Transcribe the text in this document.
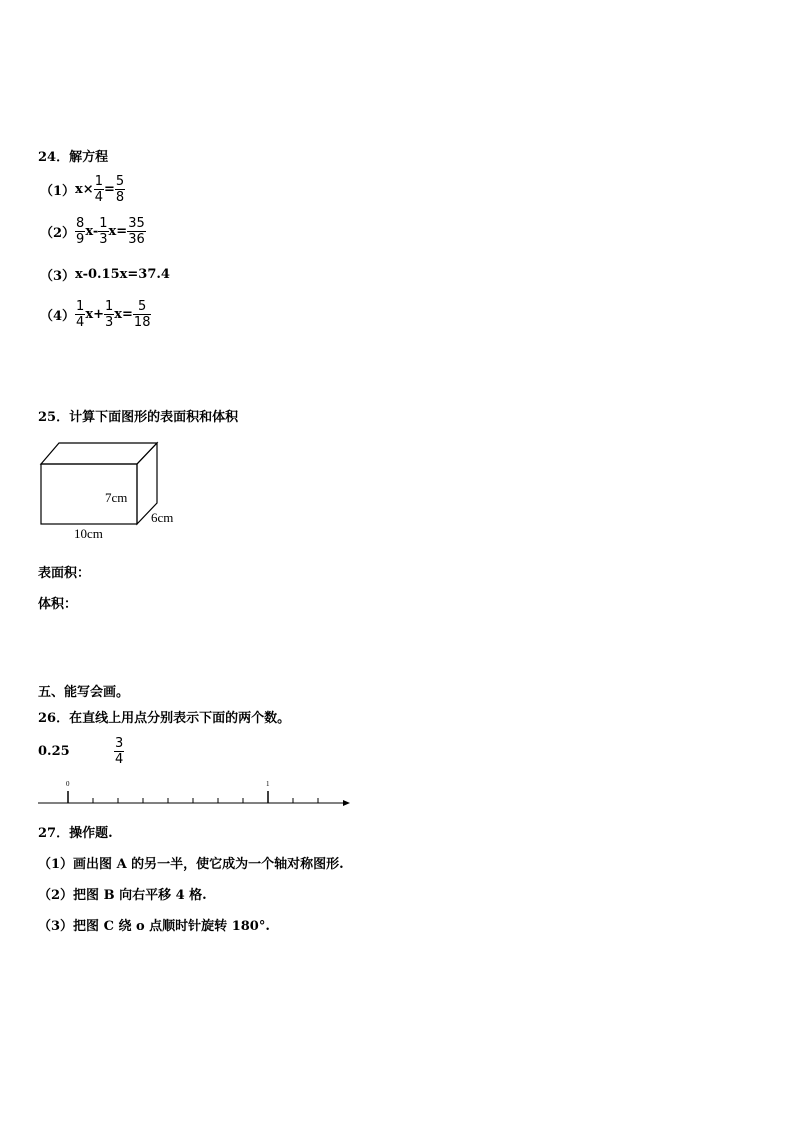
24．解方程
（1） $x\times \frac{1}{4} = \frac{5}{8}$
$(2) \frac{8}{9} x- \frac{1}{3} x= \frac{35}{36}$
（3） x-0.15x=37.4
$(4) \frac{1}{4} x+ \frac{1}{3} x= \frac{5}{18}$
25．计算下面图形的表面积和体积
7cm
6cm
10cm
表面积：
体积：
五、能写会画。
26．在直线上用点分别表示下面的两个数。
0.25	$\frac{3}{4}$
0	1
27．操作题.
（1）画出图 A 的另一半，使它成为一个轴对称图形.
（2）把图 B 向右平移 4 格.
（3）把图 C 绕 o 点顺时针旋转 180°.
